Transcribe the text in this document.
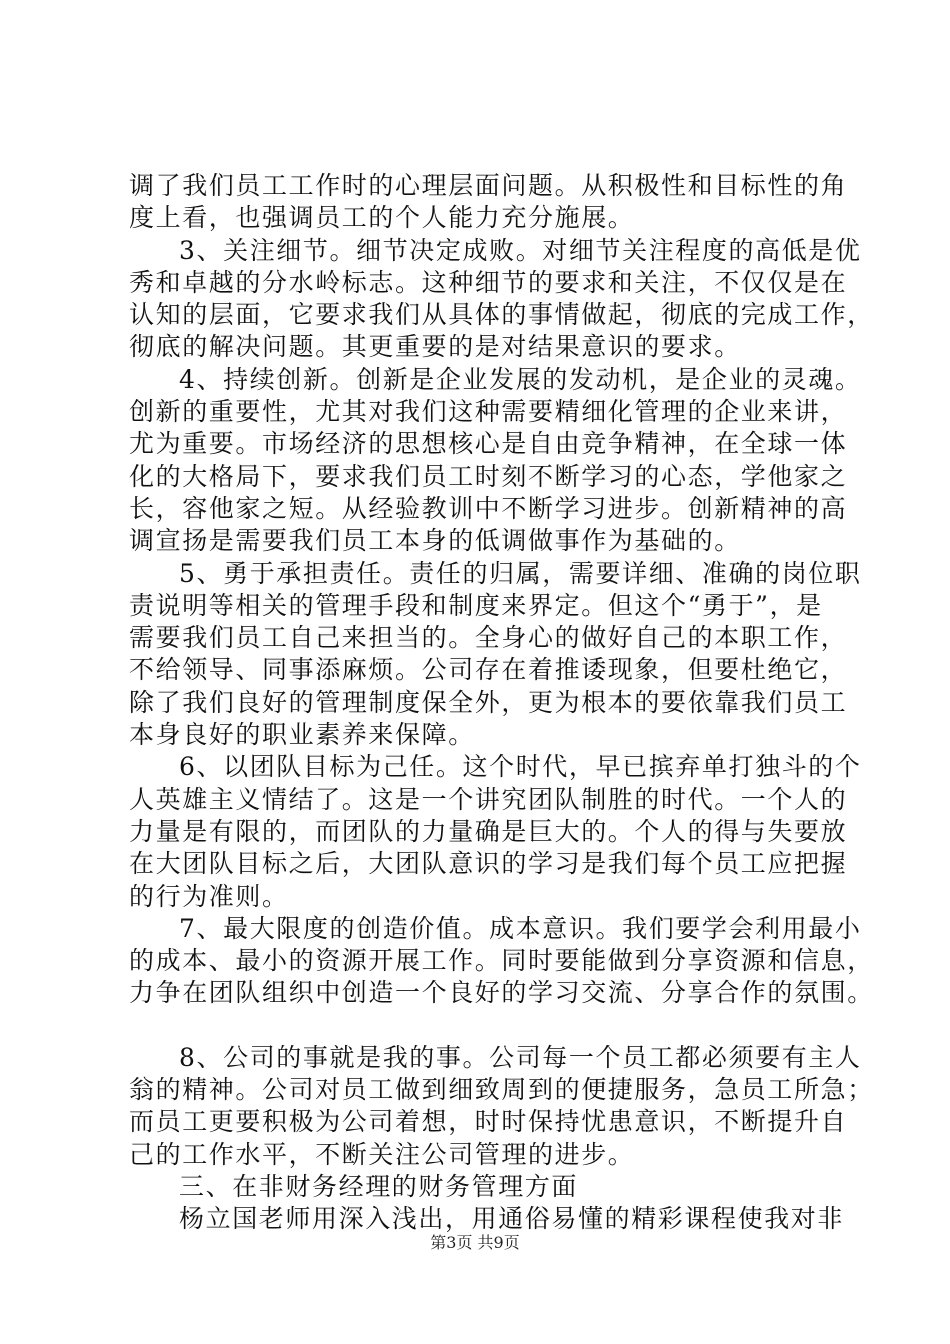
调了我们员工工作时的心理层面问题。从积极性和目标性的角
度上看，也强调员工的个人能力充分施展。
3、关注细节。细节决定成败。对细节关注程度的高低是优
秀和卓越的分水岭标志。这种细节的要求和关注，不仅仅是在
认知的层面，它要求我们从具体的事情做起，彻底的完成工作，
彻底的解决问题。其更重要的是对结果意识的要求。
4、持续创新。创新是企业发展的发动机，是企业的灵魂。
创新的重要性，尤其对我们这种需要精细化管理的企业来讲，
尤为重要。市场经济的思想核心是自由竞争精神，在全球一体
化的大格局下，要求我们员工时刻不断学习的心态，学他家之
长，容他家之短。从经验教训中不断学习进步。创新精神的高
调宣扬是需要我们员工本身的低调做事作为基础的。
5、勇于承担责任。责任的归属，需要详细、准确的岗位职
责说明等相关的管理手段和制度来界定。但这个“勇于”，是
需要我们员工自己来担当的。全身心的做好自己的本职工作，
不给领导、同事添麻烦。公司存在着推诿现象，但要杜绝它，
除了我们良好的管理制度保全外，更为根本的要依靠我们员工
本身良好的职业素养来保障。
6、以团队目标为己任。这个时代，早已摈弃单打独斗的个
人英雄主义情结了。这是一个讲究团队制胜的时代。一个人的
力量是有限的，而团队的力量确是巨大的。个人的得与失要放
在大团队目标之后，大团队意识的学习是我们每个员工应把握
的行为准则。
7、最大限度的创造价值。成本意识。我们要学会利用最小
的成本、最小的资源开展工作。同时要能做到分享资源和信息，
力争在团队组织中创造一个良好的学习交流、分享合作的氛围。
8、公司的事就是我的事。公司每一个员工都必须要有主人
翁的精神。公司对员工做到细致周到的便捷服务，急员工所急；
而员工更要积极为公司着想，时时保持忧患意识，不断提升自
己的工作水平，不断关注公司管理的进步。
三、在非财务经理的财务管理方面
杨立国老师用深入浅出，用通俗易懂的精彩课程使我对非
第3页 共9页
